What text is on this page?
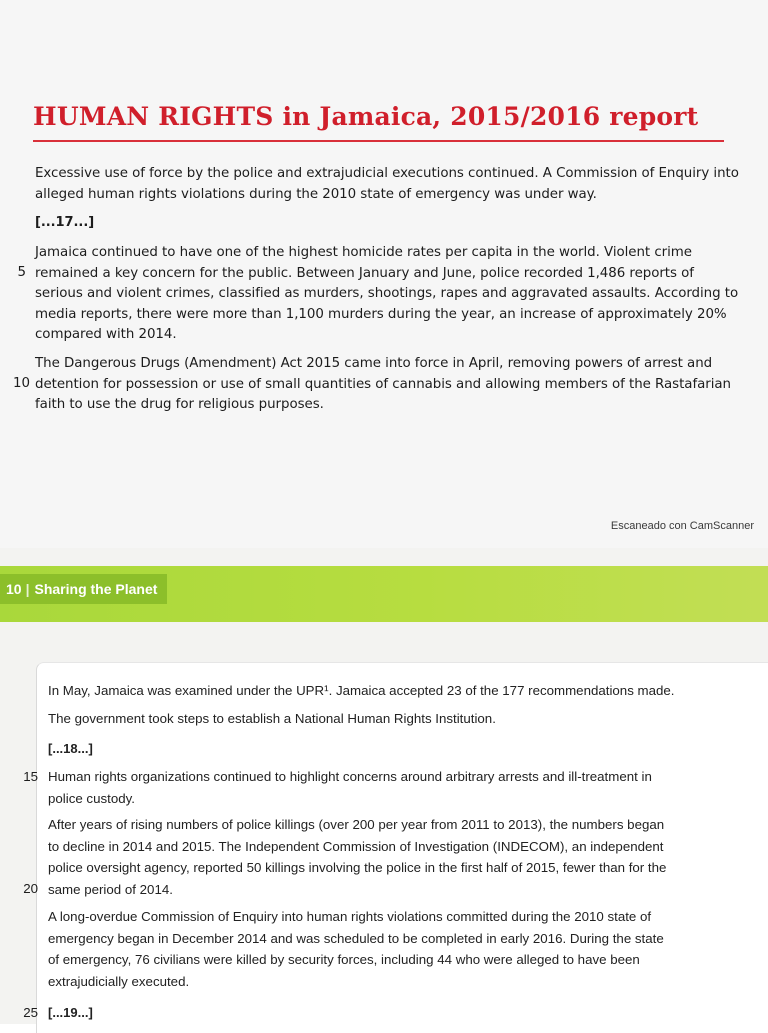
HUMAN RIGHTS in Jamaica, 2015/2016 report
Excessive use of force by the police and extrajudicial executions continued. A Commission of Enquiry into
alleged human rights violations during the 2010 state of emergency was under way.
[...17...]
Jamaica continued to have one of the highest homicide rates per capita in the world. Violent crime
remained a key concern for the public. Between January and June, police recorded 1,486 reports of
serious and violent crimes, classified as murders, shootings, rapes and aggravated assaults. According to
media reports, there were more than 1,100 murders during the year, an increase of approximately 20%
compared with 2014.
5
The Dangerous Drugs (Amendment) Act 2015 came into force in April, removing powers of arrest and
detention for possession or use of small quantities of cannabis and allowing members of the Rastafarian
faith to use the drug for religious purposes.
10
Escaneado con CamScanner
10 | Sharing the Planet
In May, Jamaica was examined under the UPR¹. Jamaica accepted 23 of the 177 recommendations made.
The government took steps to establish a National Human Rights Institution.
[...18...]
Human rights organizations continued to highlight concerns around arbitrary arrests and ill-treatment in
police custody.
15
After years of rising numbers of police killings (over 200 per year from 2011 to 2013), the numbers began
to decline in 2014 and 2015. The Independent Commission of Investigation (INDECOM), an independent
police oversight agency, reported 50 killings involving the police in the first half of 2015, fewer than for the
same period of 2014.
20
A long-overdue Commission of Enquiry into human rights violations committed during the 2010 state of
emergency began in December 2014 and was scheduled to be completed in early 2016. During the state
of emergency, 76 civilians were killed by security forces, including 44 who were alleged to have been
extrajudicially executed.
[...19...]
25
